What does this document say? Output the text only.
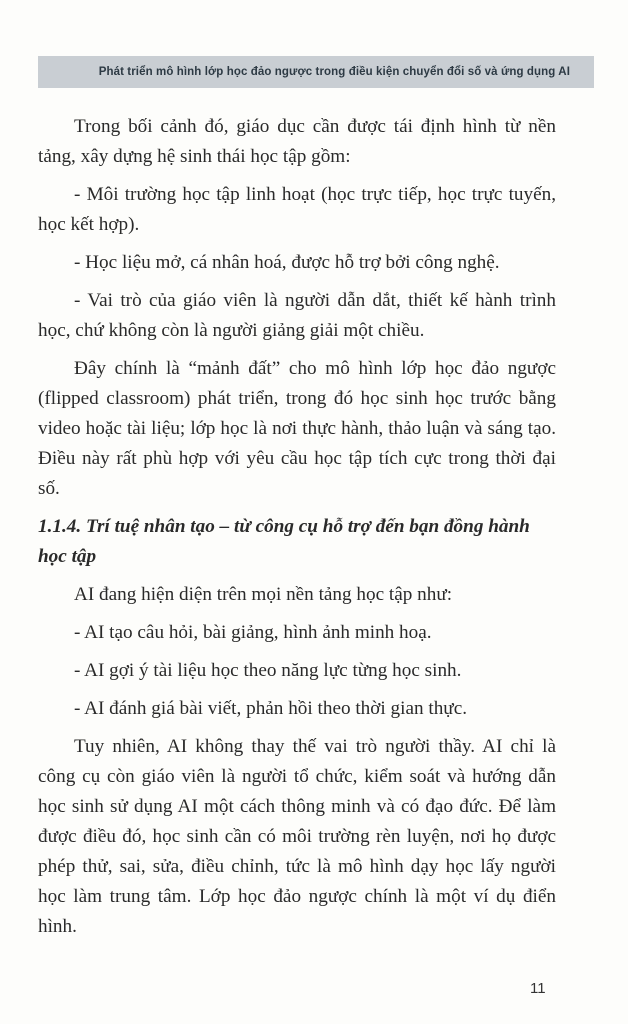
Phát triển mô hình lớp học đảo ngược trong điều kiện chuyển đổi số và ứng dụng AI

Trong bối cảnh đó, giáo dục cần được tái định hình từ nền tảng, xây dựng hệ sinh thái học tập gồm:

- Môi trường học tập linh hoạt (học trực tiếp, học trực tuyến, học kết hợp).

- Học liệu mở, cá nhân hoá, được hỗ trợ bởi công nghệ.

- Vai trò của giáo viên là người dẫn dắt, thiết kế hành trình học, chứ không còn là người giảng giải một chiều.

Đây chính là “mảnh đất” cho mô hình lớp học đảo ngược (flipped classroom) phát triển, trong đó học sinh học trước bằng video hoặc tài liệu; lớp học là nơi thực hành, thảo luận và sáng tạo. Điều này rất phù hợp với yêu cầu học tập tích cực trong thời đại số.

1.1.4. Trí tuệ nhân tạo – từ công cụ hỗ trợ đến bạn đồng hành học tập

AI đang hiện diện trên mọi nền tảng học tập như:

- AI tạo câu hỏi, bài giảng, hình ảnh minh hoạ.

- AI gợi ý tài liệu học theo năng lực từng học sinh.

- AI đánh giá bài viết, phản hồi theo thời gian thực.

Tuy nhiên, AI không thay thế vai trò người thầy. AI chỉ là công cụ còn giáo viên là người tổ chức, kiểm soát và hướng dẫn học sinh sử dụng AI một cách thông minh và có đạo đức. Để làm được điều đó, học sinh cần có môi trường rèn luyện, nơi họ được phép thử, sai, sửa, điều chỉnh, tức là mô hình dạy học lấy người học làm trung tâm. Lớp học đảo ngược chính là một ví dụ điển hình.

11
